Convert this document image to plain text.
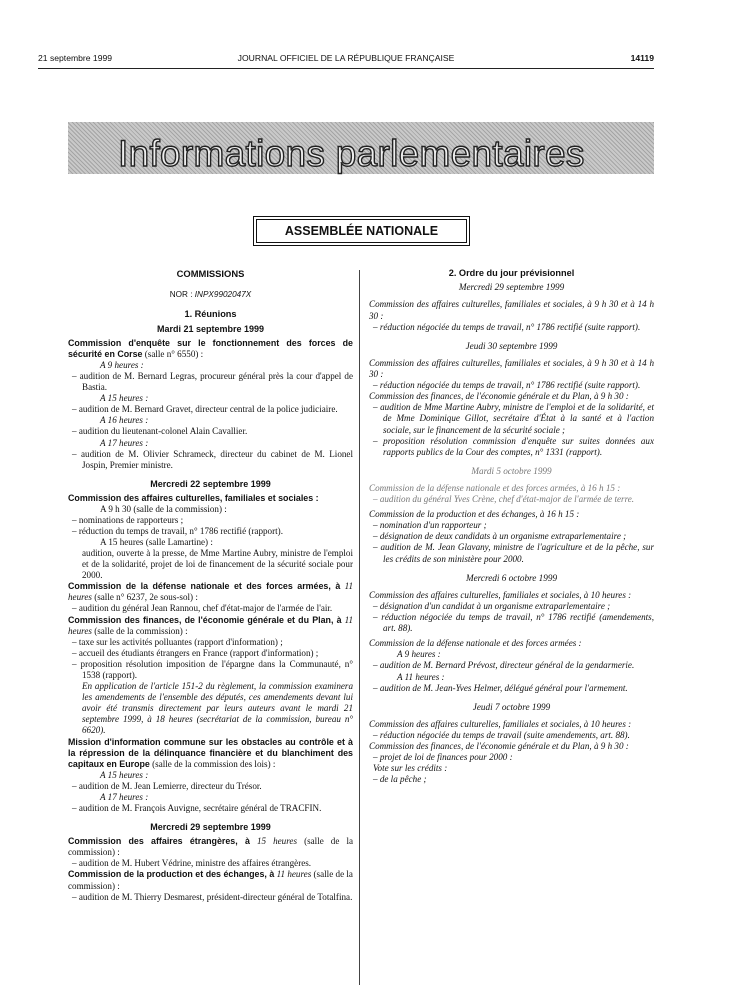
21 septembre 1999	JOURNAL OFFICIEL DE LA RÉPUBLIQUE FRANÇAISE	14119
Informations parlementaires
ASSEMBLÉE NATIONALE
COMMISSIONS
NOR : INPX9902047X
1. Réunions
Mardi 21 septembre 1999

Commission d'enquête sur le fonctionnement des forces de sécurité en Corse (salle n° 6550) :

A 9 heures :

– audition de M. Bernard Legras, procureur général près la cour d'appel de Bastia.

A 15 heures :

– audition de M. Bernard Gravet, directeur central de la police judiciaire.

A 16 heures :

– audition du lieutenant-colonel Alain Cavallier.

A 17 heures :

– audition de M. Olivier Schrameck, directeur du cabinet de M. Lionel Jospin, Premier ministre.

Mercredi 22 septembre 1999

Commission des affaires culturelles, familiales et sociales :

A 9 h 30 (salle de la commission) :

– nominations de rapporteurs ;

– réduction du temps de travail, n° 1786 rectifié (rapport).

A 15 heures (salle Lamartine) :

audition, ouverte à la presse, de Mme Martine Aubry, ministre de l'emploi et de la solidarité, projet de loi de financement de la sécurité sociale pour 2000.

Commission de la défense nationale et des forces armées, à 11 heures (salle n° 6237, 2e sous-sol) :

– audition du général Jean Rannou, chef d'état-major de l'armée de l'air.

Commission des finances, de l'économie générale et du Plan, à 11 heures (salle de la commission) :

– taxe sur les activités polluantes (rapport d'information) ;

– accueil des étudiants étrangers en France (rapport d'information) ;

– proposition résolution imposition de l'épargne dans la Communauté, n° 1538 (rapport).

En application de l'article 151-2 du règlement, la commission examinera les amendements de l'ensemble des députés, ces amendements devant lui avoir été transmis directement par leurs auteurs avant le mardi 21 septembre 1999, à 18 heures (secrétariat de la commission, bureau n° 6620).

Mission d'information commune sur les obstacles au contrôle et à la répression de la délinquance financière et du blanchiment des capitaux en Europe (salle de la commission des lois) :

A 15 heures :

– audition de M. Jean Lemierre, directeur du Trésor.

A 17 heures :

– audition de M. François Auvigne, secrétaire général de TRACFIN.

Mercredi 29 septembre 1999

Commission des affaires étrangères, à 15 heures (salle de la commission) :

– audition de M. Hubert Védrine, ministre des affaires étrangères.

Commission de la production et des échanges, à 11 heures (salle de la commission) :

– audition de M. Thierry Desmarest, président-directeur général de Totalfina.

2. Ordre du jour prévisionnel
Mercredi 29 septembre 1999

Commission des affaires culturelles, familiales et sociales, à 9 h 30 et à 14 h 30 :

– réduction négociée du temps de travail, n° 1786 rectifié (suite rapport).

Jeudi 30 septembre 1999

Commission des affaires culturelles, familiales et sociales, à 9 h 30 et à 14 h 30 :

– réduction négociée du temps de travail, n° 1786 rectifié (suite rapport).

Commission des finances, de l'économie générale et du Plan, à 9 h 30 :

– audition de Mme Martine Aubry, ministre de l'emploi et de la solidarité, et de Mme Dominique Gillot, secrétaire d'État à la santé et à l'action sociale, sur le financement de la sécurité sociale ;

– proposition résolution commission d'enquête sur suites données aux rapports publics de la Cour des comptes, n° 1331 (rapport).

Mardi 5 octobre 1999

Commission de la défense nationale et des forces armées, à 16 h 15 :

– audition du général Yves Crène, chef d'état-major de l'armée de terre.

Commission de la production et des échanges, à 16 h 15 :

– nomination d'un rapporteur ;

– désignation de deux candidats à un organisme extraparlementaire ;

– audition de M. Jean Glavany, ministre de l'agriculture et de la pêche, sur les crédits de son ministère pour 2000.

Mercredi 6 octobre 1999

Commission des affaires culturelles, familiales et sociales, à 10 heures :

– désignation d'un candidat à un organisme extraparlementaire ;

– réduction négociée du temps de travail, n° 1786 rectifié (amendements, art. 88).

Commission de la défense nationale et des forces armées :

A 9 heures :

– audition de M. Bernard Prévost, directeur général de la gendarmerie.

A 11 heures :

– audition de M. Jean-Yves Helmer, délégué général pour l'armement.

Jeudi 7 octobre 1999

Commission des affaires culturelles, familiales et sociales, à 10 heures :

– réduction négociée du temps de travail (suite amendements, art. 88).

Commission des finances, de l'économie générale et du Plan, à 9 h 30 :

– projet de loi de finances pour 2000 :

Vote sur les crédits :

– de la pêche ;
